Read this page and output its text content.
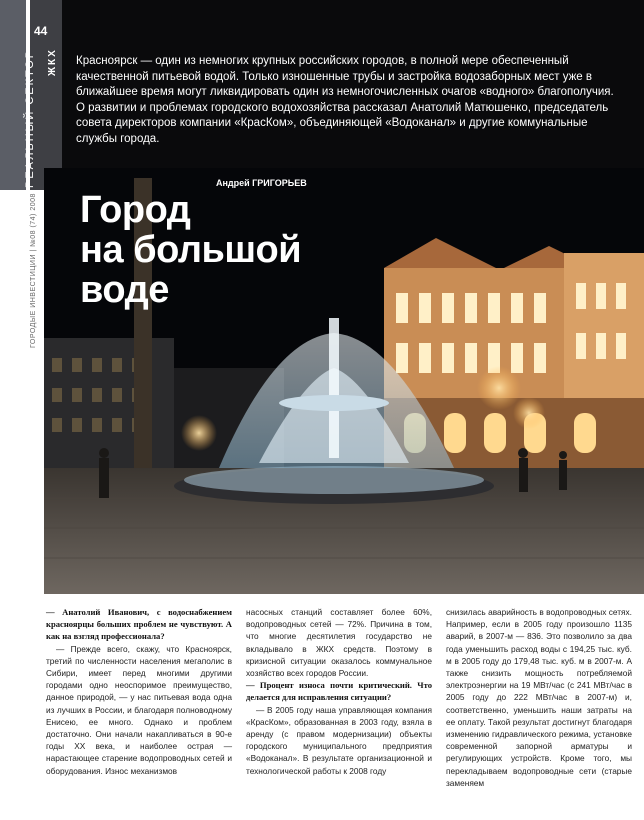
44
РЕАЛЬНЫЙ СЕКТОР ЖКХ
ГОРОДЫЕ ИНВЕСТИЦИИ | №08 (74) 2008
Красноярск — один из немногих крупных российских городов, в полной мере обеспеченный качественной питьевой водой. Только изношенные трубы и застройка водозаборных мест уже в ближайшее время могут ликвидировать один из немногочисленных очагов «водного» благополучия. О развитии и проблемах городского водохозяйства рассказал Анатолий Матюшенко, председатель совета директоров компании «КрасКом», объединяющей «Водоканал» и другие коммунальные службы города.
Андрей ГРИГОРЬЕВ
Город
на большой
воде

— Анатолий Иванович, с водоснабжением красноярцы больших проблем не чувствуют. А как на взгляд профессионала?

— Прежде всего, скажу, что Красноярск, третий по численности населения мегаполис в Сибири, имеет перед многими другими городами одно неоспоримое преимущество, данное природой, — у нас питьевая вода одна из лучших в России, и благодаря полноводному Енисею, ее много. Однако и проблем достаточно. Они начали накапливаться в 90-е годы XX века, и наиболее острая — нарастающее старение водопроводных сетей и оборудования. Износ механизмов

насосных станций составляет более 60%, водопроводных сетей — 72%. Причина в том, что многие десятилетия государство не вкладывало в ЖКХ средств. Поэтому в кризисной ситуации оказалось коммунальное хозяйство всех городов России.

— Процент износа почти критический. Что делается для исправления ситуации?

— В 2005 году наша управляющая компания «КрасКом», образованная в 2003 году, взяла в аренду (с правом модернизации) объекты городского муниципального предприятия «Водоканал». В результате организационной и технологической работы к 2008 году

снизилась аварийность в водопроводных сетях. Например, если в 2005 году произошло 1135 аварий, в 2007-м — 836. Это позволило за два года уменьшить расход воды с 194,25 тыс. куб. м в 2005 году до 179,48 тыс. куб. м в 2007-м. А также снизить мощность потребляемой электроэнергии на 19 МВт/час (с 241 МВт/час в 2005 году до 222 МВт/час в 2007-м) и, соответственно, уменьшить наши затраты на ее оплату. Такой результат достигнут благодаря изменению гидравлического режима, установке современной запорной арматуры и регулирующих устройств. Кроме того, мы перекладываем водопроводные сети (старые заменяем
